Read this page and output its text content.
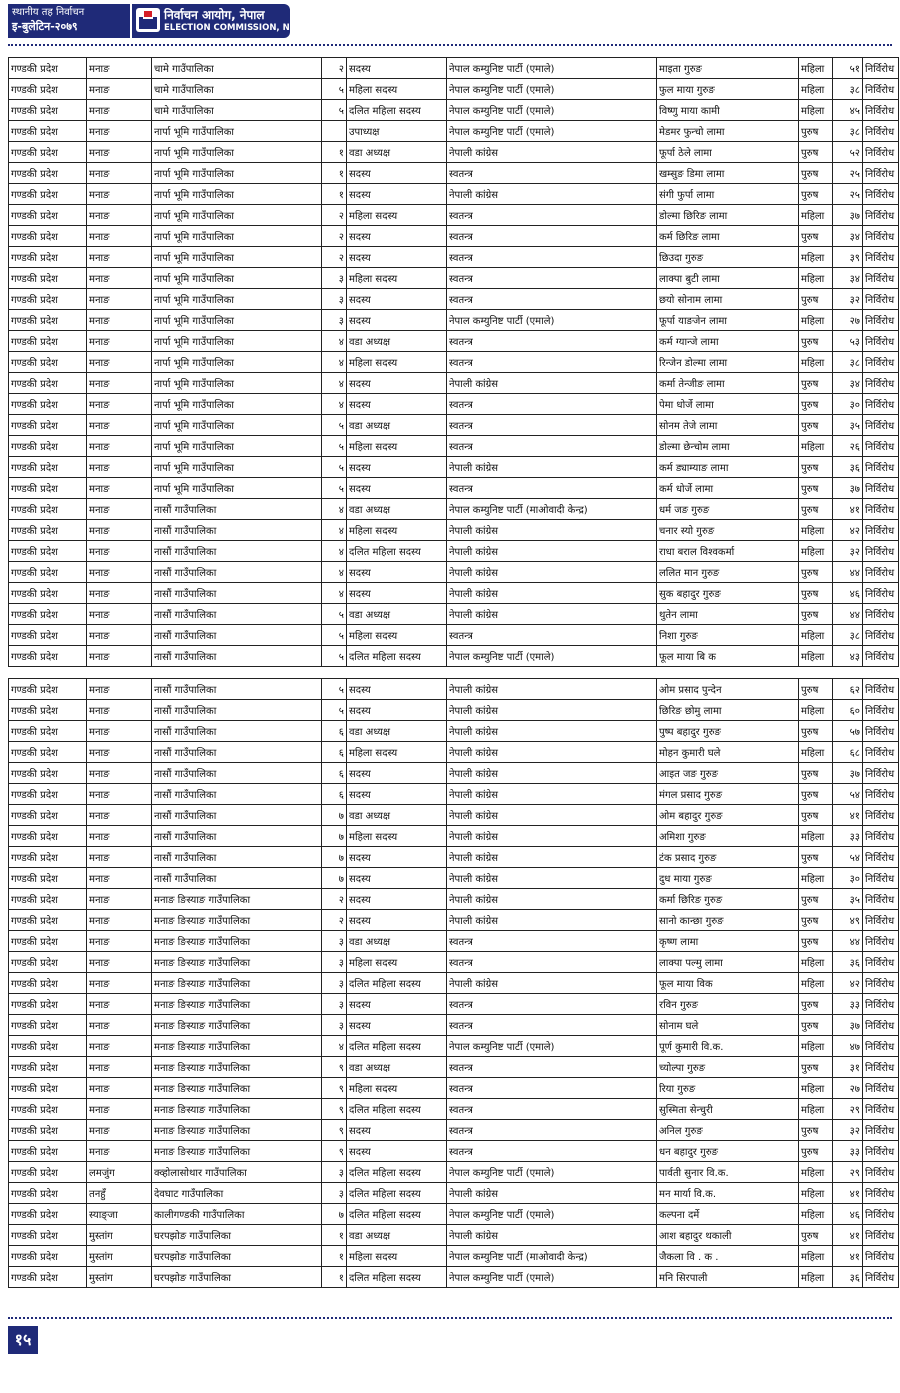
स्थानीय तह निर्वाचन
इ-बुलेटिन-२०७९
निर्वाचन आयोग, नेपाल
ELECTION COMMISSION, NEPAL
गण्डकी प्रदेश	मनाङ	चामे गाउँपालिका	२	सदस्य	नेपाल कम्युनिष्ट पार्टी (एमाले)	माइता गुरुङ	महिला	५१	निर्विरोध
गण्डकी प्रदेश	मनाङ	चामे गाउँपालिका	५	महिला सदस्य	नेपाल कम्युनिष्ट पार्टी (एमाले)	फुल माया गुरुङ	महिला	३८	निर्विरोध
गण्डकी प्रदेश	मनाङ	चामे गाउँपालिका	५	दलित महिला सदस्य	नेपाल कम्युनिष्ट पार्टी (एमाले)	विष्णु माया कामी	महिला	४५	निर्विरोध
गण्डकी प्रदेश	मनाङ	नार्पा भूमि गाउँपालिका		उपाध्यक्ष	नेपाल कम्युनिष्ट पार्टी (एमाले)	मेडमर फुन्चो लामा	पुरुष	३८	निर्विरोध
गण्डकी प्रदेश	मनाङ	नार्पा भूमि गाउँपालिका	१	वडा अध्यक्ष	नेपाली कांग्रेस	फूर्पा ठेले लामा	पुरुष	५२	निर्विरोध
गण्डकी प्रदेश	मनाङ	नार्पा भूमि गाउँपालिका	१	सदस्य	स्वतन्त्र	खम्सुङ डिमा लामा	पुरुष	२५	निर्विरोध
गण्डकी प्रदेश	मनाङ	नार्पा भूमि गाउँपालिका	१	सदस्य	नेपाली कांग्रेस	संगी फुर्पा लामा	पुरुष	२५	निर्विरोध
गण्डकी प्रदेश	मनाङ	नार्पा भूमि गाउँपालिका	२	महिला सदस्य	स्वतन्त्र	डोल्मा छिरिङ लामा	महिला	३७	निर्विरोध
गण्डकी प्रदेश	मनाङ	नार्पा भूमि गाउँपालिका	२	सदस्य	स्वतन्त्र	कर्म छिरिङ लामा	पुरुष	३४	निर्विरोध
गण्डकी प्रदेश	मनाङ	नार्पा भूमि गाउँपालिका	२	सदस्य	स्वतन्त्र	छिउदा गुरुङ	महिला	३९	निर्विरोध
गण्डकी प्रदेश	मनाङ	नार्पा भूमि गाउँपालिका	३	महिला सदस्य	स्वतन्त्र	लाक्पा बुटी लामा	महिला	३४	निर्विरोध
गण्डकी प्रदेश	मनाङ	नार्पा भूमि गाउँपालिका	३	सदस्य	स्वतन्त्र	छयो सोनाम लामा	पुरुष	३२	निर्विरोध
गण्डकी प्रदेश	मनाङ	नार्पा भूमि गाउँपालिका	३	सदस्य	नेपाल कम्युनिष्ट पार्टी (एमाले)	फूर्पा याङजेन लामा	महिला	२७	निर्विरोध
गण्डकी प्रदेश	मनाङ	नार्पा भूमि गाउँपालिका	४	वडा अध्यक्ष	स्वतन्त्र	कर्म ग्यान्जे लामा	पुरुष	५३	निर्विरोध
गण्डकी प्रदेश	मनाङ	नार्पा भूमि गाउँपालिका	४	महिला सदस्य	स्वतन्त्र	रिन्जेन डोल्मा लामा	महिला	३८	निर्विरोध
गण्डकी प्रदेश	मनाङ	नार्पा भूमि गाउँपालिका	४	सदस्य	नेपाली कांग्रेस	कर्मा तेन्जीङ लामा	पुरुष	३४	निर्विरोध
गण्डकी प्रदेश	मनाङ	नार्पा भूमि गाउँपालिका	४	सदस्य	स्वतन्त्र	पेमा धोर्जे लामा	पुरुष	३०	निर्विरोध
गण्डकी प्रदेश	मनाङ	नार्पा भूमि गाउँपालिका	५	वडा अध्यक्ष	स्वतन्त्र	सोनम तेजे लामा	पुरुष	३५	निर्विरोध
गण्डकी प्रदेश	मनाङ	नार्पा भूमि गाउँपालिका	५	महिला सदस्य	स्वतन्त्र	डोल्मा छेन्चोम लामा	महिला	२६	निर्विरोध
गण्डकी प्रदेश	मनाङ	नार्पा भूमि गाउँपालिका	५	सदस्य	नेपाली कांग्रेस	कर्म ड्याम्याङ लामा	पुरुष	३६	निर्विरोध
गण्डकी प्रदेश	मनाङ	नार्पा भूमि गाउँपालिका	५	सदस्य	स्वतन्त्र	कर्म धोर्जे लामा	पुरुष	३७	निर्विरोध
गण्डकी प्रदेश	मनाङ	नासौं गाउँपालिका	४	वडा अध्यक्ष	नेपाल कम्युनिष्ट पार्टी (माओवादी केन्द्र)	धर्म जङ गुरुङ	पुरुष	४१	निर्विरोध
गण्डकी प्रदेश	मनाङ	नासौं गाउँपालिका	४	महिला सदस्य	नेपाली कांग्रेस	चनार स्यो गुरुङ	महिला	४२	निर्विरोध
गण्डकी प्रदेश	मनाङ	नासौं गाउँपालिका	४	दलित महिला सदस्य	नेपाली कांग्रेस	राधा बराल विश्वकर्मा	महिला	३२	निर्विरोध
गण्डकी प्रदेश	मनाङ	नासौं गाउँपालिका	४	सदस्य	नेपाली कांग्रेस	ललित मान गुरुङ	पुरुष	४४	निर्विरोध
गण्डकी प्रदेश	मनाङ	नासौं गाउँपालिका	४	सदस्य	नेपाली कांग्रेस	सुक बहादुर गुरुङ	पुरुष	४६	निर्विरोध
गण्डकी प्रदेश	मनाङ	नासौं गाउँपालिका	५	वडा अध्यक्ष	नेपाली कांग्रेस	थुतेन लामा	पुरुष	४४	निर्विरोध
गण्डकी प्रदेश	मनाङ	नासौं गाउँपालिका	५	महिला सदस्य	स्वतन्त्र	निशा गुरुङ	महिला	३८	निर्विरोध
गण्डकी प्रदेश	मनाङ	नासौं गाउँपालिका	५	दलित महिला सदस्य	नेपाल कम्युनिष्ट पार्टी (एमाले)	फूल माया बि क	महिला	४३	निर्विरोध
गण्डकी प्रदेश	मनाङ	नासौं गाउँपालिका	५	सदस्य	नेपाली कांग्रेस	ओम प्रसाद पुन्देन	पुरुष	६२	निर्विरोध
गण्डकी प्रदेश	मनाङ	नासौं गाउँपालिका	५	सदस्य	नेपाली कांग्रेस	छिरिङ छोमु लामा	महिला	६०	निर्विरोध
गण्डकी प्रदेश	मनाङ	नासौं गाउँपालिका	६	वडा अध्यक्ष	नेपाली कांग्रेस	पुष्प बहादुर गुरुङ	पुरुष	५७	निर्विरोध
गण्डकी प्रदेश	मनाङ	नासौं गाउँपालिका	६	महिला सदस्य	नेपाली कांग्रेस	मोहन कुमारी घले	महिला	६८	निर्विरोध
गण्डकी प्रदेश	मनाङ	नासौं गाउँपालिका	६	सदस्य	नेपाली कांग्रेस	आइत जङ गुरुङ	पुरुष	३७	निर्विरोध
गण्डकी प्रदेश	मनाङ	नासौं गाउँपालिका	६	सदस्य	नेपाली कांग्रेस	मंगल प्रसाद गुरुङ	पुरुष	५४	निर्विरोध
गण्डकी प्रदेश	मनाङ	नासौं गाउँपालिका	७	वडा अध्यक्ष	नेपाली कांग्रेस	ओम बहादुर गुरुङ	पुरुष	४१	निर्विरोध
गण्डकी प्रदेश	मनाङ	नासौं गाउँपालिका	७	महिला सदस्य	नेपाली कांग्रेस	अमिशा गुरुङ	महिला	३३	निर्विरोध
गण्डकी प्रदेश	मनाङ	नासौं गाउँपालिका	७	सदस्य	नेपाली कांग्रेस	टंक प्रसाद गुरुङ	पुरुष	५४	निर्विरोध
गण्डकी प्रदेश	मनाङ	नासौं गाउँपालिका	७	सदस्य	नेपाली कांग्रेस	दुध माया गुरुङ	महिला	३०	निर्विरोध
गण्डकी प्रदेश	मनाङ	मनाङ ङिस्याङ गाउँपालिका	२	सदस्य	नेपाली कांग्रेस	कर्मा छिरिङ गुरुङ	पुरुष	३५	निर्विरोध
गण्डकी प्रदेश	मनाङ	मनाङ ङिस्याङ गाउँपालिका	२	सदस्य	नेपाली कांग्रेस	सानो कान्छा गुरुङ	पुरुष	४९	निर्विरोध
गण्डकी प्रदेश	मनाङ	मनाङ ङिस्याङ गाउँपालिका	३	वडा अध्यक्ष	स्वतन्त्र	कृष्ण लामा	पुरुष	४४	निर्विरोध
गण्डकी प्रदेश	मनाङ	मनाङ ङिस्याङ गाउँपालिका	३	महिला सदस्य	स्वतन्त्र	लाक्पा पल्मु लामा	महिला	३६	निर्विरोध
गण्डकी प्रदेश	मनाङ	मनाङ ङिस्याङ गाउँपालिका	३	दलित महिला सदस्य	नेपाली कांग्रेस	फूल माया विक	महिला	४२	निर्विरोध
गण्डकी प्रदेश	मनाङ	मनाङ ङिस्याङ गाउँपालिका	३	सदस्य	स्वतन्त्र	रविन गुरुङ	पुरुष	३३	निर्विरोध
गण्डकी प्रदेश	मनाङ	मनाङ ङिस्याङ गाउँपालिका	३	सदस्य	स्वतन्त्र	सोनाम घले	पुरुष	३७	निर्विरोध
गण्डकी प्रदेश	मनाङ	मनाङ ङिस्याङ गाउँपालिका	४	दलित महिला सदस्य	नेपाल कम्युनिष्ट पार्टी (एमाले)	पूर्ण कुमारी वि.क.	महिला	४७	निर्विरोध
गण्डकी प्रदेश	मनाङ	मनाङ ङिस्याङ गाउँपालिका	९	वडा अध्यक्ष	स्वतन्त्र	च्योल्पा गुरुङ	पुरुष	३१	निर्विरोध
गण्डकी प्रदेश	मनाङ	मनाङ ङिस्याङ गाउँपालिका	९	महिला सदस्य	स्वतन्त्र	रिया गुरुङ	महिला	२७	निर्विरोध
गण्डकी प्रदेश	मनाङ	मनाङ ङिस्याङ गाउँपालिका	९	दलित महिला सदस्य	स्वतन्त्र	सुस्मिता सेन्चुरी	महिला	२९	निर्विरोध
गण्डकी प्रदेश	मनाङ	मनाङ ङिस्याङ गाउँपालिका	९	सदस्य	स्वतन्त्र	अनिल गुरुङ	पुरुष	३२	निर्विरोध
गण्डकी प्रदेश	मनाङ	मनाङ ङिस्याङ गाउँपालिका	९	सदस्य	स्वतन्त्र	धन बहादुर गुरुङ	पुरुष	३३	निर्विरोध
गण्डकी प्रदेश	लमजुंग	क्व्होलासोथार गाउँपालिका	३	दलित महिला सदस्य	नेपाल कम्युनिष्ट पार्टी (एमाले)	पार्वती सुनार वि.क.	महिला	२९	निर्विरोध
गण्डकी प्रदेश	तनहुँ	देवघाट गाउँपालिका	३	दलित महिला सदस्य	नेपाली कांग्रेस	मन मार्या वि.क.	महिला	४१	निर्विरोध
गण्डकी प्रदेश	स्याङ्जा	कालीगण्डकी गाउँपालिका	७	दलित महिला सदस्य	नेपाल कम्युनिष्ट पार्टी (एमाले)	कल्पना दर्मे	महिला	४६	निर्विरोध
गण्डकी प्रदेश	मुस्तांग	घरपझोङ गाउँपालिका	१	वडा अध्यक्ष	नेपाली कांग्रेस	आश बहादुर थकाली	पुरुष	४१	निर्विरोध
गण्डकी प्रदेश	मुस्तांग	घरपझोङ गाउँपालिका	१	महिला सदस्य	नेपाल कम्युनिष्ट पार्टी (माओवादी केन्द्र)	जैकला वि . क .	महिला	४१	निर्विरोध
गण्डकी प्रदेश	मुस्तांग	घरपझोङ गाउँपालिका	१	दलित महिला सदस्य	नेपाल कम्युनिष्ट पार्टी (एमाले)	मनि सिरपाली	महिला	३६	निर्विरोध
१५
